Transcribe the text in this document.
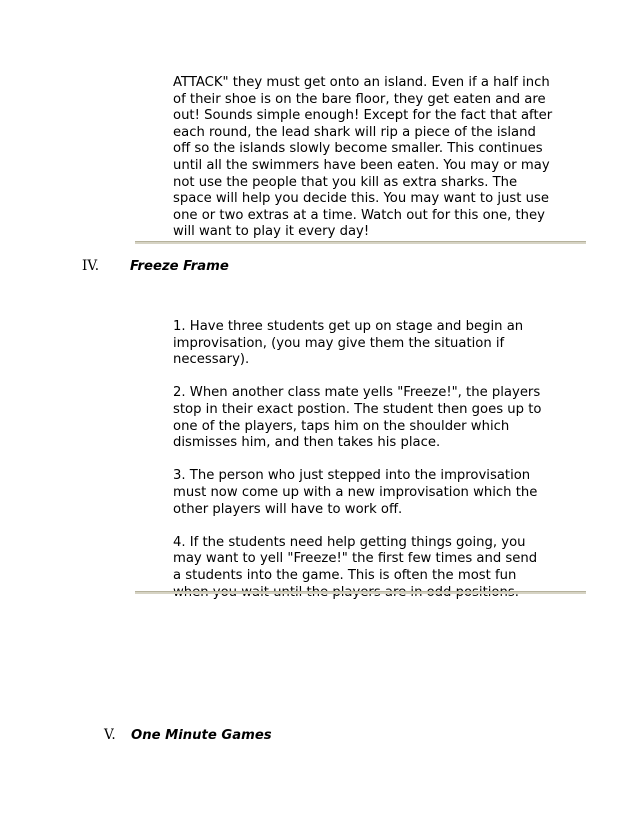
ATTACK" they must get onto an island. Even if a half inch of their shoe is on the bare floor, they get eaten and are out! Sounds simple enough! Except for the fact that after each round, the lead shark will rip a piece of the island off so the islands slowly become smaller. This continues until all the swimmers have been eaten. You may or may not use the people that you kill as extra sharks. The space will help you decide this. You may want to just use one or two extras at a time. Watch out for this one, they will want to play it every day!
IV.	Freeze Frame

1. Have three students get up on stage and begin an improvisation, (you may give them the situation if necessary).

2. When another class mate yells "Freeze!", the players stop in their exact postion. The student then goes up to one of the players, taps him on the shoulder which dismisses him, and then takes his place.

3. The person who just stepped into the improvisation must now come up with a new improvisation which the other players will have to work off.

4. If the students need help getting things going, you may want to yell "Freeze!" the first few times and send a students into the game. This is often the most fun when you wait until the players are in odd positions.

V.	One Minute Games
